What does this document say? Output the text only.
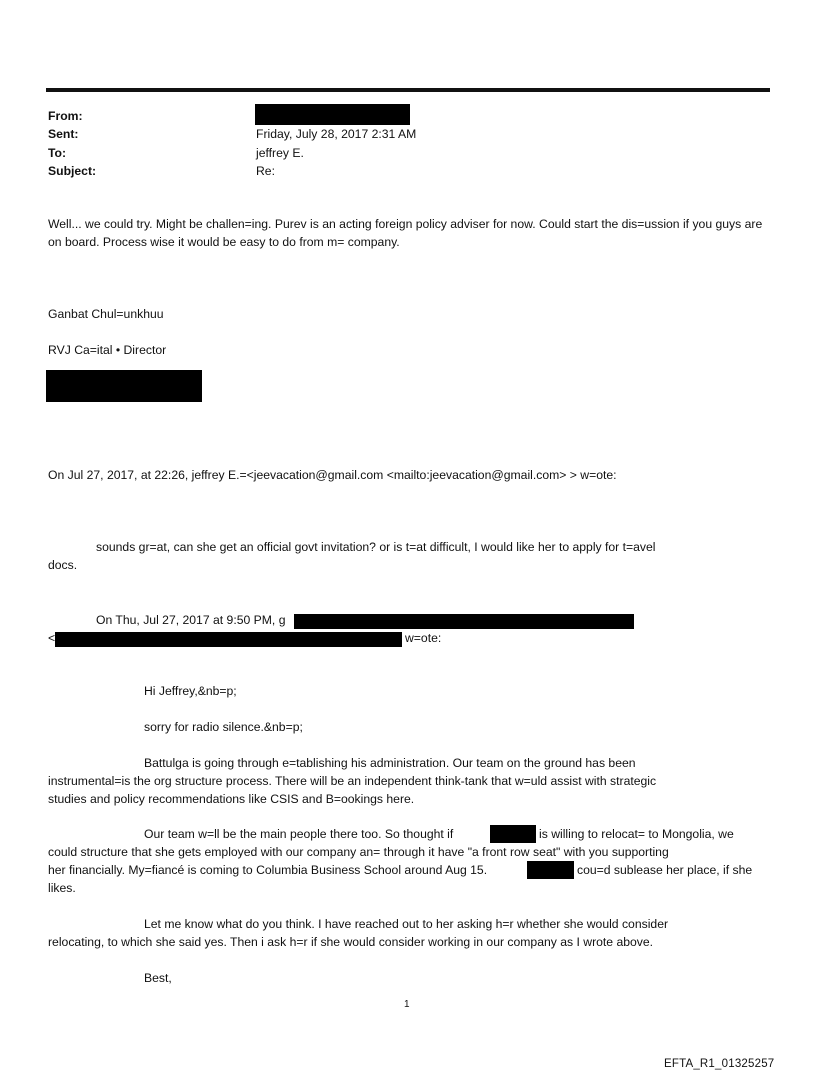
From:
Sent:	Friday, July 28, 2017 2:31 AM
To:	jeffrey E.
Subject:	Re:
Well... we could try. Might be challen=ing. Purev is an acting foreign policy adviser for now. Could start the dis=ussion if you guys are on board. Process wise it would be easy to do from m= company.
Ganbat Chul=unkhuu
RVJ Ca=ital • Director
On Jul 27, 2017, at 22:26, jeffrey E.=<jeevacation@gmail.com <mailto:jeevacation@gmail.com> > w=ote:
sounds gr=at, can she get an official govt invitation? or is t=at difficult, I would like her to apply for t=avel
docs.
On Thu, Jul 27, 2017 at 9:50 PM, g
<	w=ote:
Hi Jeffrey,&nb=p;
sorry for radio silence.&nb=p;
Battulga is going through e=tablishing his administration. Our team on the ground has been
instrumental=is the org structure process. There will be an independent think-tank that w=uld assist with strategic
studies and policy recommendations like CSIS and B=ookings here.
Our team w=ll be the main people there too. So thought if	is willing to relocat= to Mongolia, we
could structure that she gets employed with our company an= through it have "a front row seat" with you supporting
her financially. My=fiancé is coming to Columbia Business School around Aug 15.	cou=d sublease her place, if she
likes.
Let me know what do you think. I have reached out to her asking h=r whether she would consider
relocating, to which she said yes. Then i ask h=r if she would consider working in our company as I wrote above.
Best,
1
EFTA_R1_01325257
